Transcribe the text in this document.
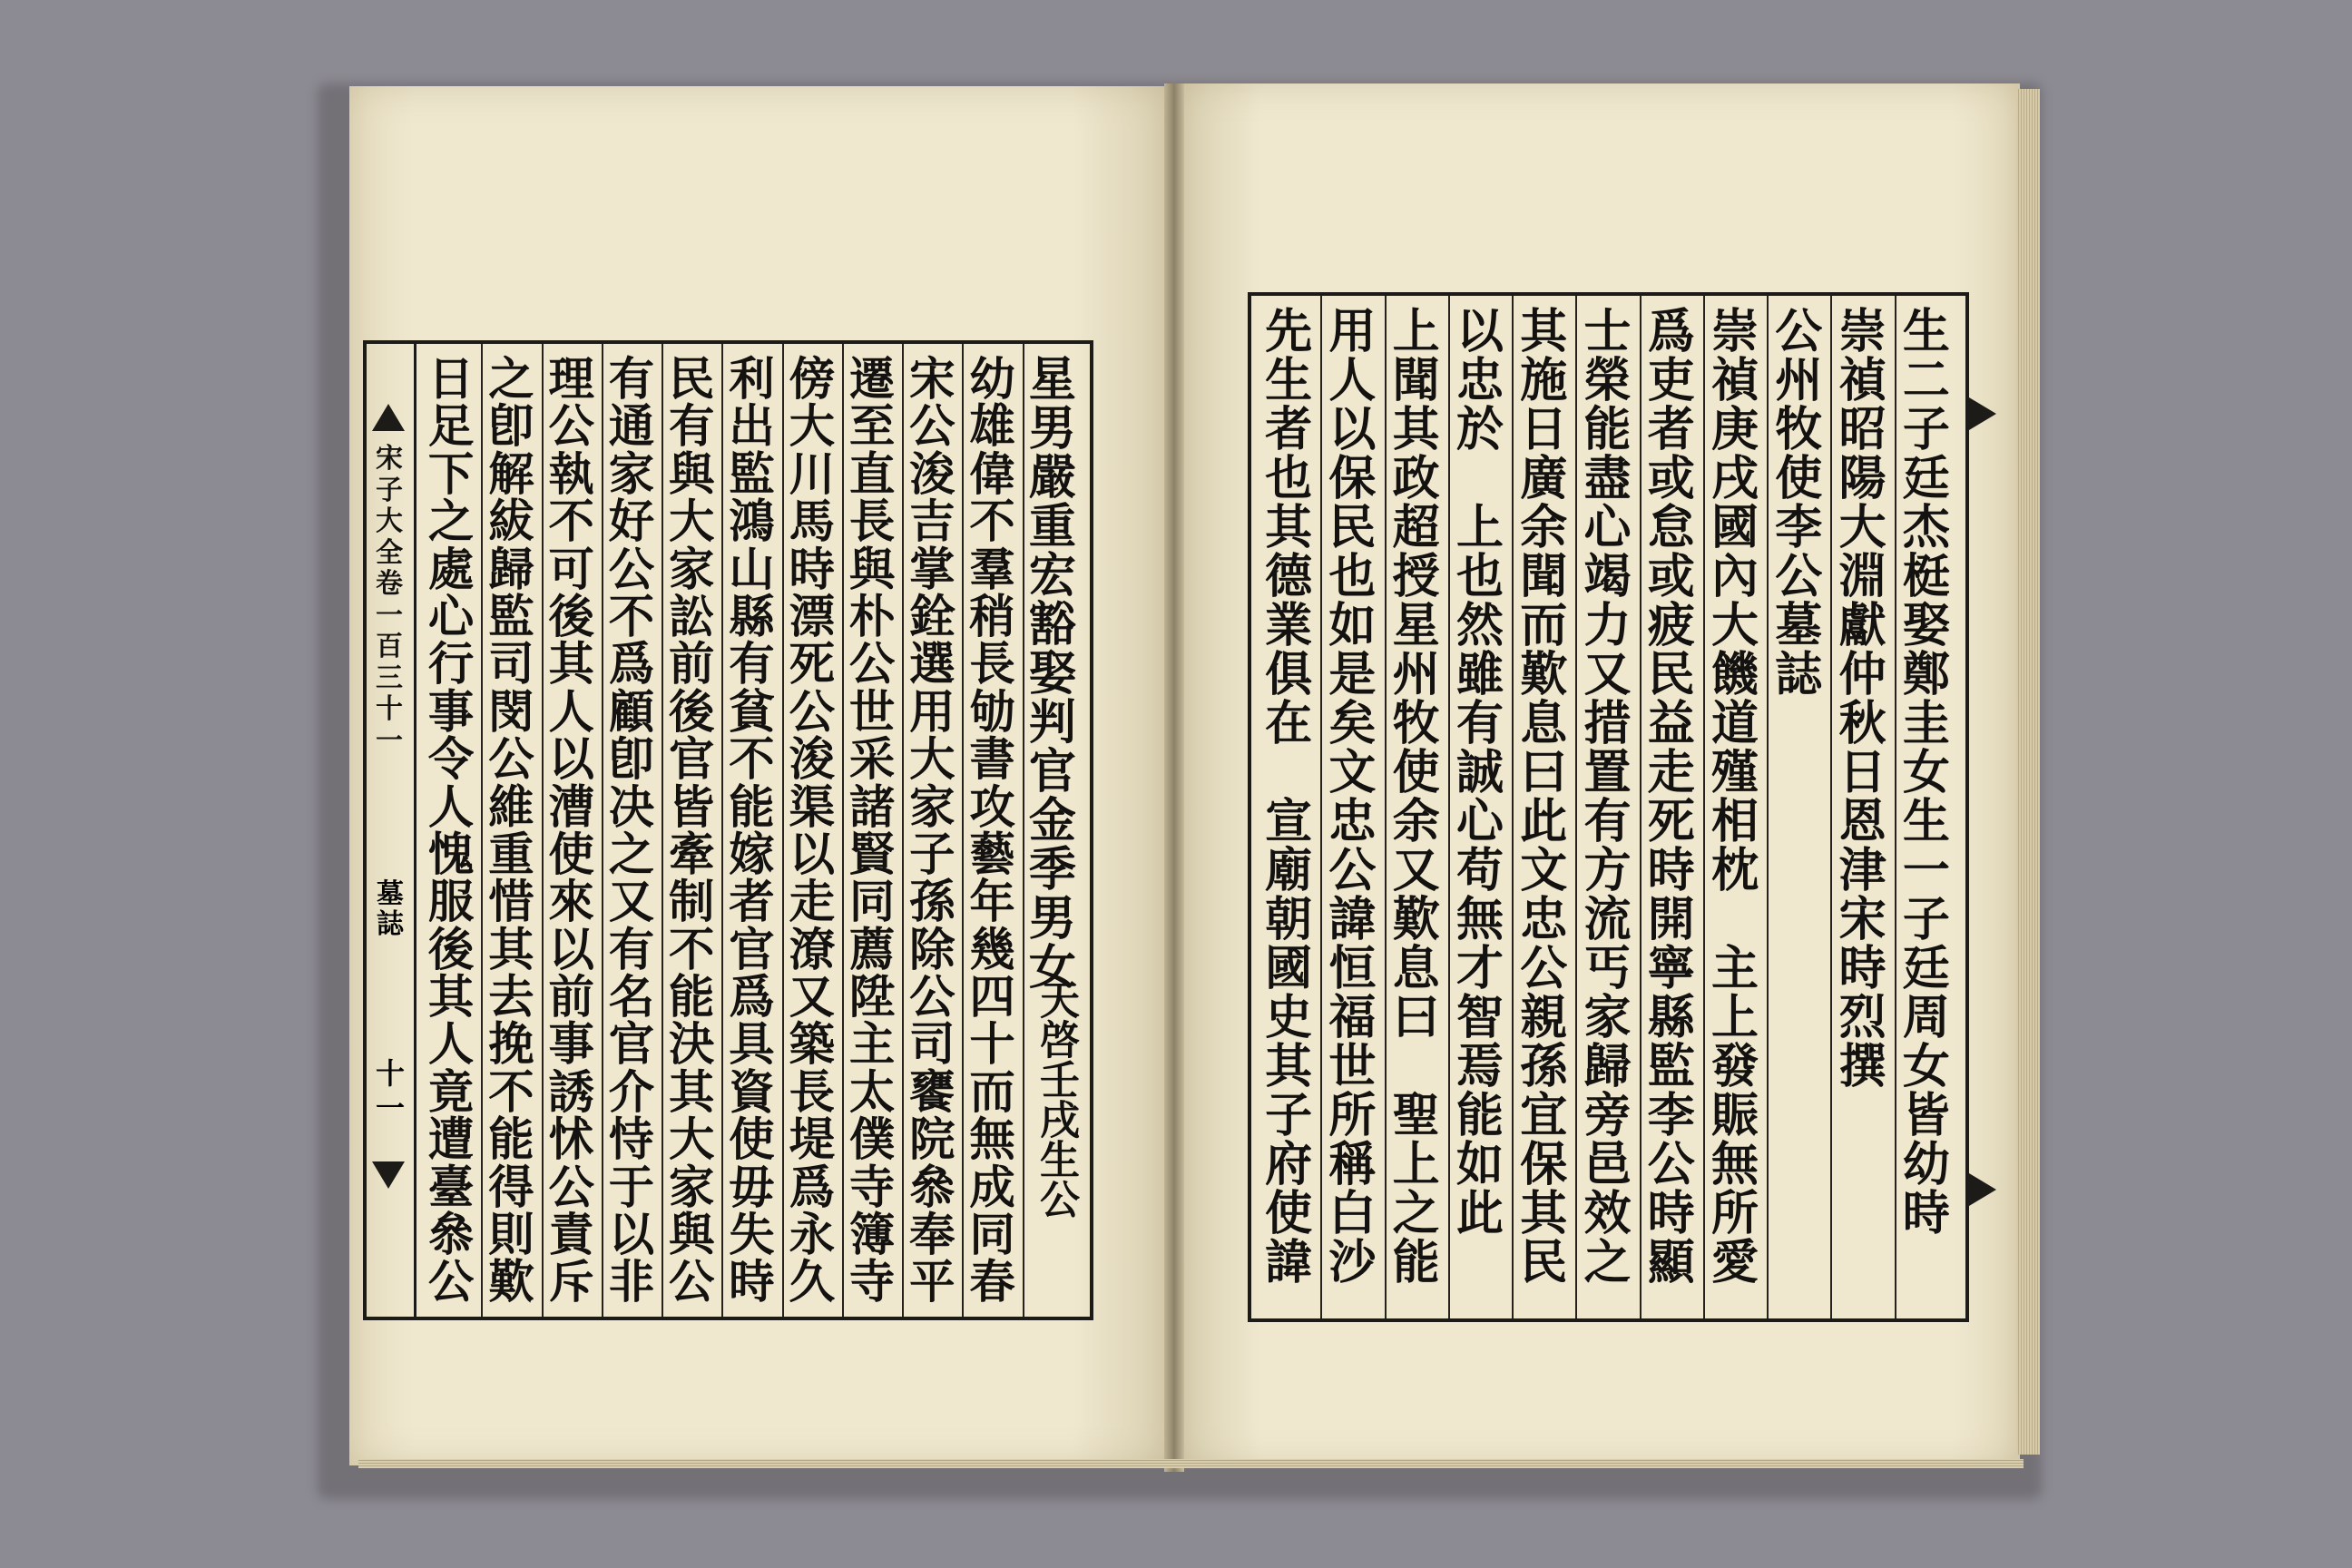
宋子大全卷一百三十一
墓誌
十一
星
男
嚴
重
宏
豁
娶
判
官
金
季
男
女
幼
雄
偉
不
羣
稍
長
劬
書
攻
藝
年
幾
四
十
而
無
成
同
春
宋
公
浚
吉
掌
銓
選
用
大
家
子
孫
除
公
司
饔
院
叅
奉
平
遷
至
直
長
與
朴
公
世
采
諸
賢
同
薦
陞
主
太
僕
寺
簿
寺
傍
大
川
馬
時
漂
死
公
浚
渠
以
走
潦
又
築
長
堤
爲
永
久
利
出
監
鴻
山
縣
有
貧
不
能
嫁
者
官
爲
具
資
使
毋
失
時
民
有
與
大
家
訟
前
後
官
皆
牽
制
不
能
決
其
大
家
與
公
有
通
家
好
公
不
爲
顧
卽
决
之
又
有
名
官
介
恃
于
以
非
理
公
執
不
可
後
其
人
以
漕
使
來
以
前
事
誘
怵
公
責
斥
之
卽
解
紱
歸
監
司
閔
公
維
重
惜
其
去
挽
不
能
得
則
歎
日
足
下
之
處
心
行
事
令
人
愧
服
後
其
人
竟
遭
臺
叅
公
天啓壬戌生公
生
二
子
廷
杰
梃
娶
鄭
圭
女
生
一
子
廷
周
女
皆
幼
時
崇
禎
昭
陽
大
淵
獻
仲
秋
日
恩
津
宋
時
烈
撰
公
州
牧
使
李
公
墓
誌
崇
禎
庚
戌
國
內
大
饑
道
殣
相
枕

主
上
發
賑
無
所
愛
爲
吏
者
或
怠
或
疲
民
益
走
死
時
開
寧
縣
監
李
公
時
顯
士
榮
能
盡
心
竭
力
又
措
置
有
方
流
丐
家
歸
旁
邑
效
之
其
施
日
廣
余
聞
而
歎
息
曰
此
文
忠
公
親
孫
宜
保
其
民
以
忠
於

上
也
然
雖
有
誠
心
苟
無
才
智
焉
能
如
此
上
聞
其
政
超
授
星
州
牧
使
余
又
歎
息
曰

聖
上
之
能
用
人
以
保
民
也
如
是
矣
文
忠
公
諱
恒
福
世
所
稱
白
沙
先
生
者
也
其
德
業
俱
在

宣
廟
朝
國
史
其
子
府
使
諱
